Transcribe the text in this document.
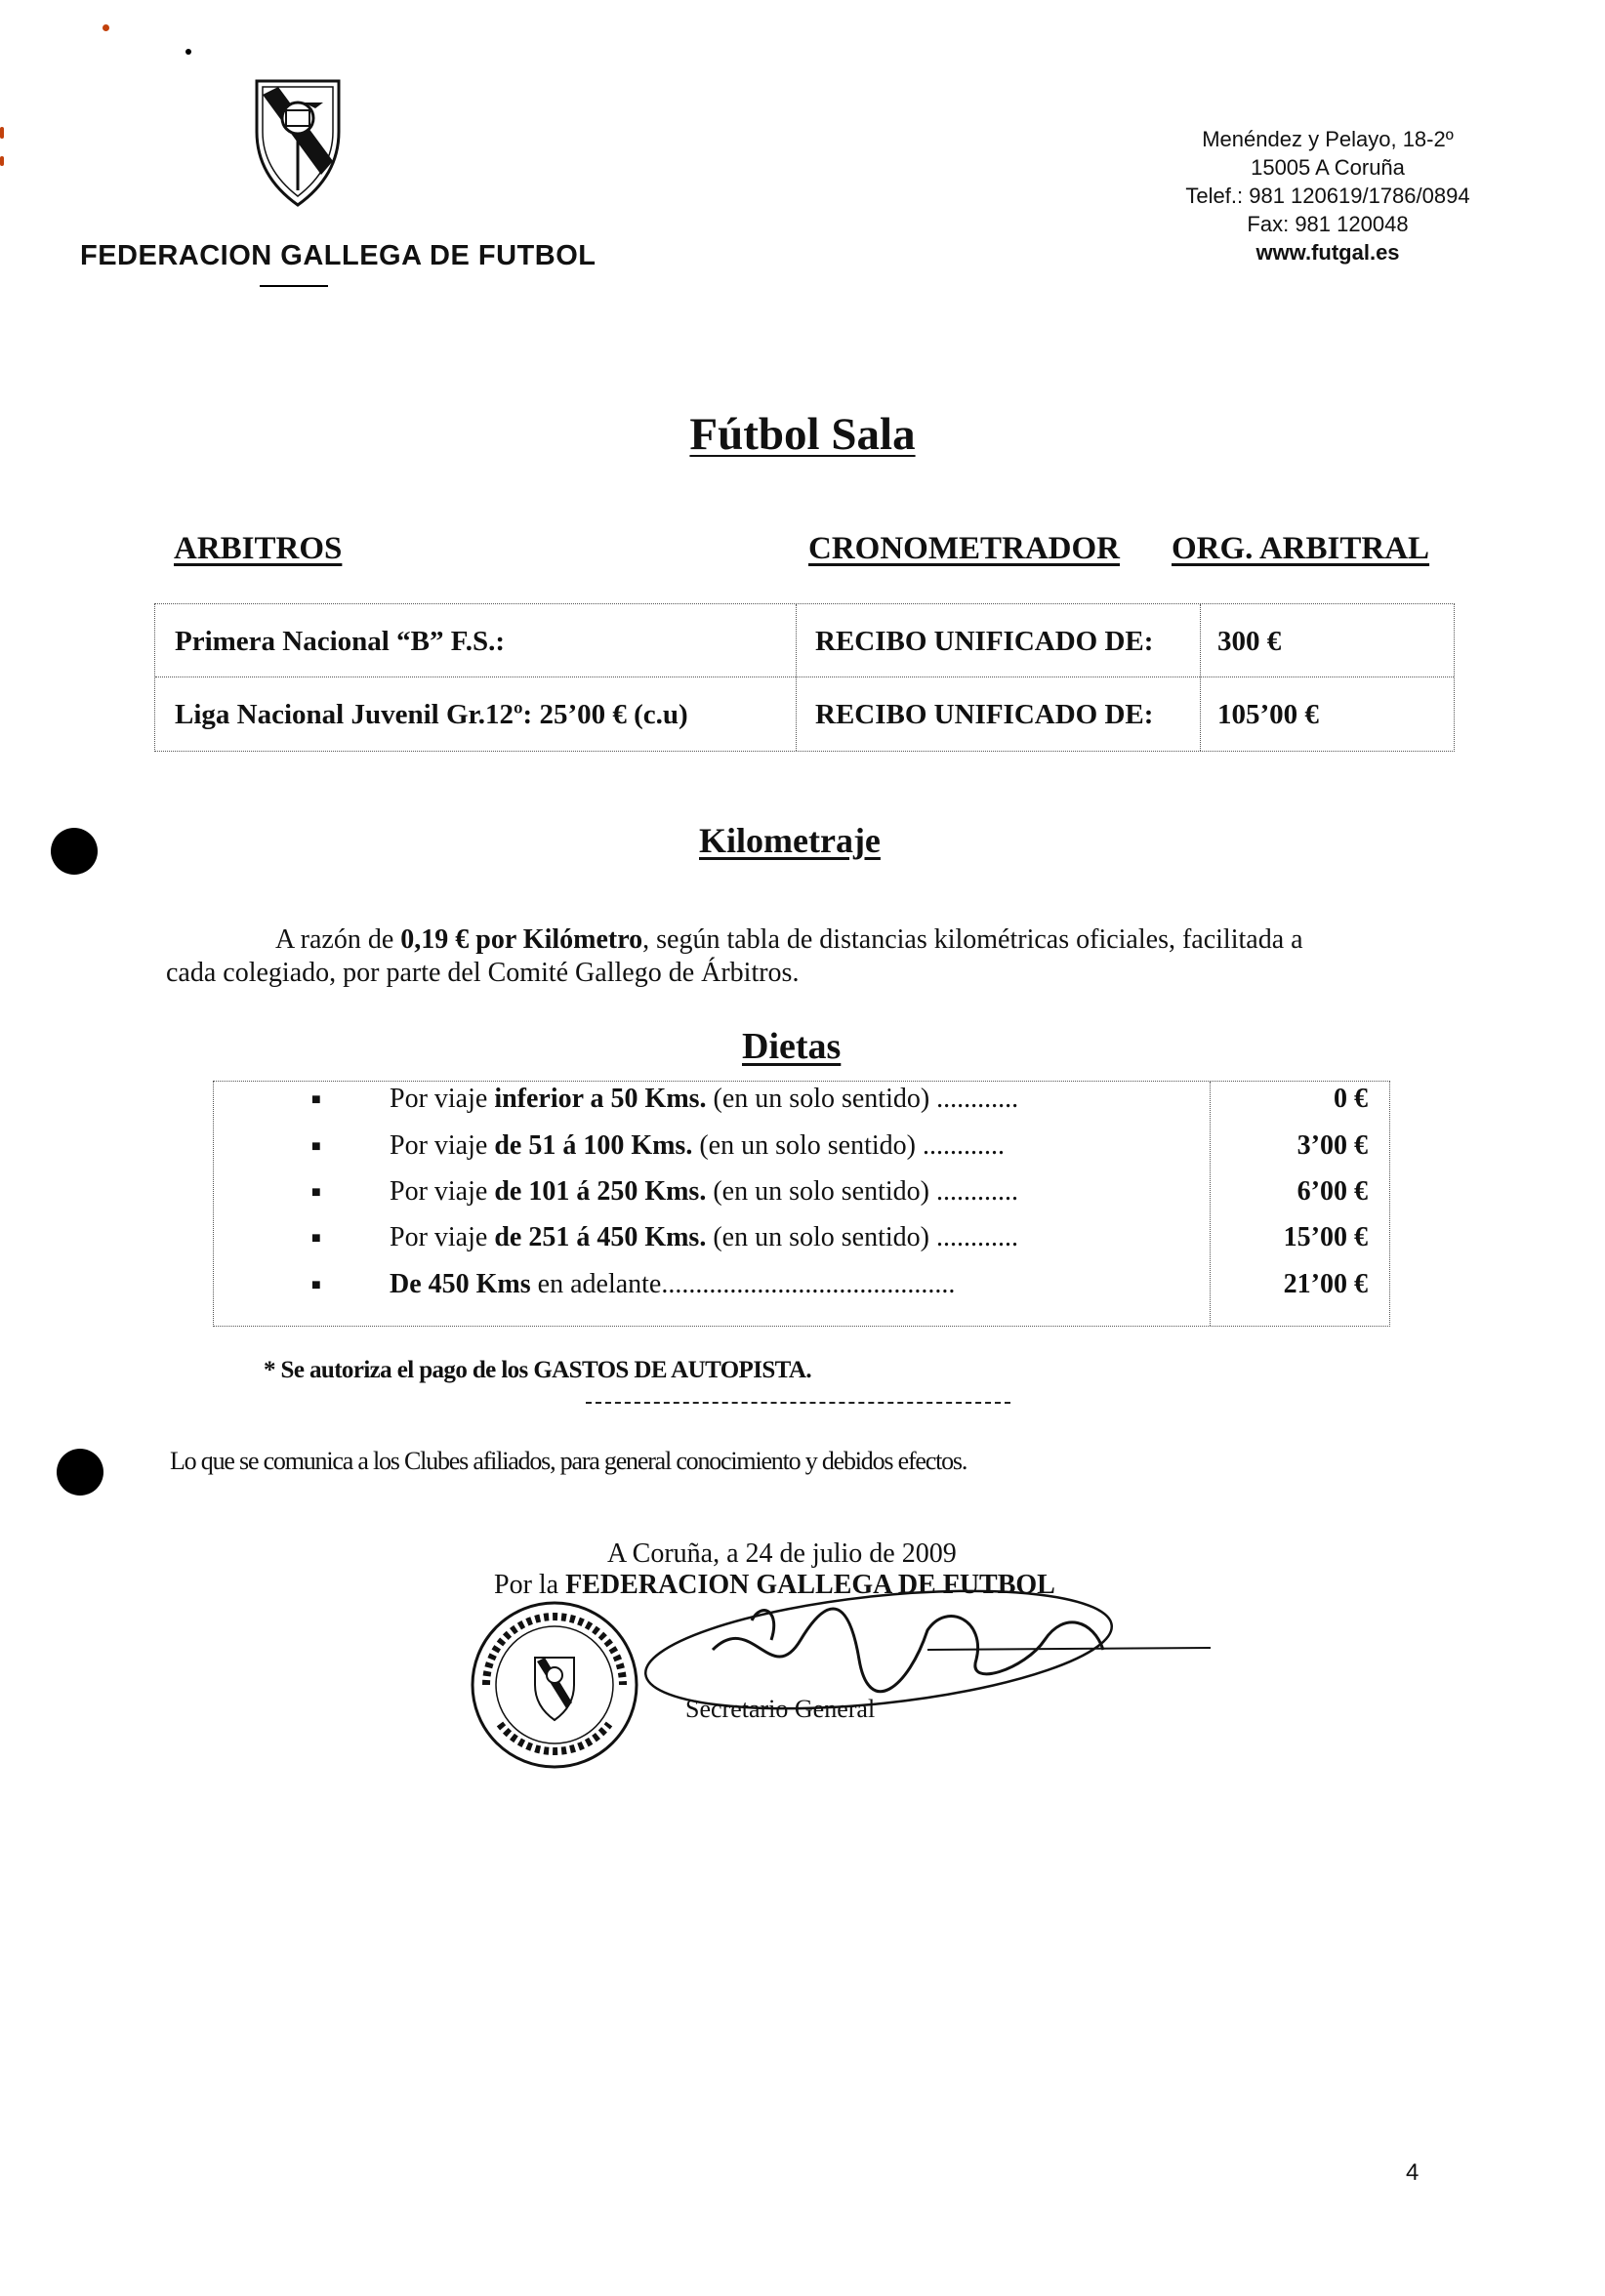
FEDERACION GALLEGA DE FUTBOL
Menéndez y Pelayo, 18-2º
15005 A Coruña
Telef.: 981 120619/1786/0894
Fax: 981 120048
www.futgal.es
Fútbol Sala
ARBITROS	CRONOMETRADOR ORG. ARBITRAL
Primera Nacional “B” F.S.:	RECIBO UNIFICADO DE: 300 €
Liga Nacional Juvenil Gr.12º: 25’00 € (c.u)	RECIBO UNIFICADO DE: 105’00 €
Kilometraje
A razón de 0,19 € por Kilómetro, según tabla de distancias kilométricas oficiales, facilitada a
cada colegiado, por parte del Comité Gallego de Árbitros.
Dietas
■	Por viaje inferior a 50 Kms. (en un solo sentido) ............	0 €
■	Por viaje de 51 á 100 Kms. (en un solo sentido) ............	3’00 €
■	Por viaje de 101 á 250 Kms. (en un solo sentido) ............	6’00 €
■	Por viaje de 251 á 450 Kms. (en un solo sentido) ............	15’00 €
■	De 450 Kms en adelante...........................................	21’00 €
* Se autoriza el pago de los GASTOS DE AUTOPISTA.
Lo que se comunica a los Clubes afiliados, para general conocimiento y debidos efectos.
A Coruña, a 24 de julio de 2009
Por la FEDERACION GALLEGA DE FUTBOL
Secretario General
4
